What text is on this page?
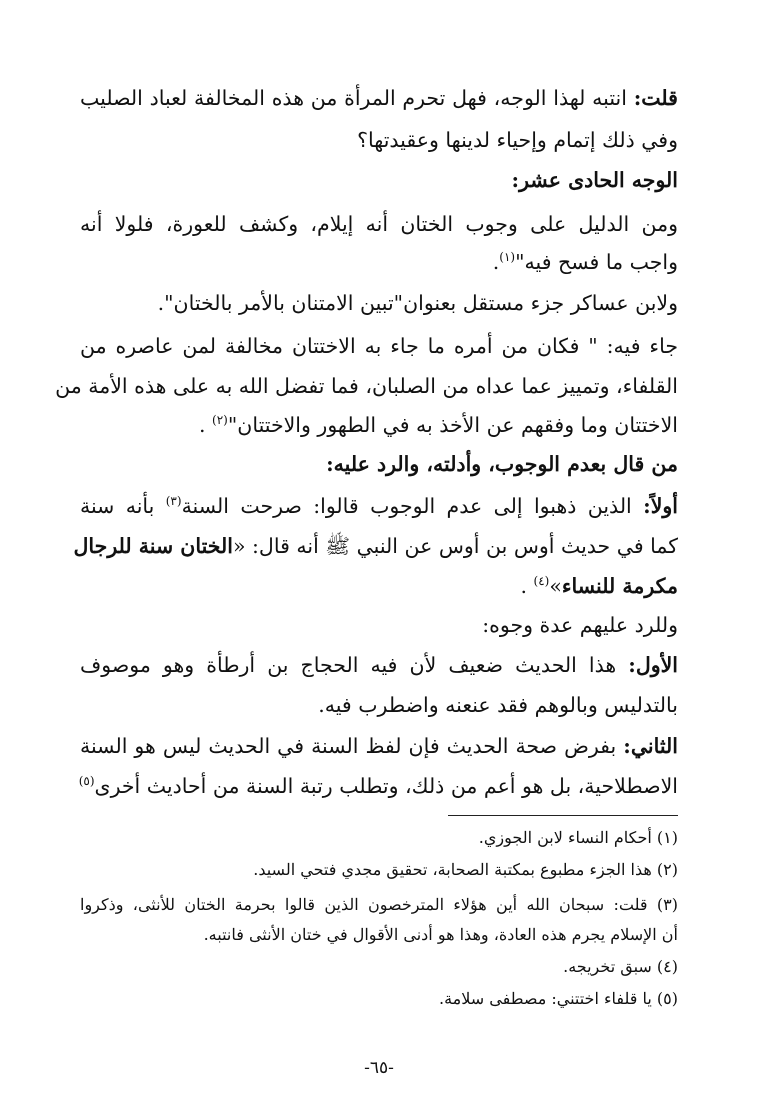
قلت: انتبه لهذا الوجه، فهل تحرم المرأة من هذه المخالفة لعباد الصليب
وفي ذلك إتمام وإحياء لدينها وعقيدتها؟
الوجه الحادى عشر:
ومن الدليل على وجوب الختان أنه إيلام، وكشف للعورة، فلولا أنه
واجب ما فسح فيه"$^{(١)}$.
ولابن عساكر جزء مستقل بعنوان"تبين الامتنان بالأمر بالختان".
جاء فيه: " فكان من أمره ما جاء به الاختتان مخالفة لمن عاصره من
القلفاء، وتمييز عما عداه من الصلبان، فما تفضل الله به على هذه الأمة من
الاختتان وما وفقهم عن الأخذ به في الطهور والاختتان"$^{(٢)}$ .
من قال بعدم الوجوب، وأدلته، والرد عليه:
أولاً: الذين ذهبوا إلى عدم الوجوب قالوا: صرحت السنة$^{(٣)}$ بأنه سنة
كما في حديث أوس بن أوس عن النبي ﷺ أنه قال: «الختان سنة للرجال
مكرمة للنساء»$^{(٤)}$ .
وللرد عليهم عدة وجوه:
الأول: هذا الحديث ضعيف لأن فيه الحجاج بن أرطأة وهو موصوف
بالتدليس وبالوهم فقد عنعنه واضطرب فيه.
الثاني: بفرض صحة الحديث فإن لفظ السنة في الحديث ليس هو السنة
الاصطلاحية، بل هو أعم من ذلك، وتطلب رتبة السنة من أحاديث أخرى$^{(٥)}$
(١) أحكام النساء لابن الجوزي.
(٢) هذا الجزء مطبوع بمكتبة الصحابة، تحقيق مجدي فتحي السيد.
(٣) قلت: سبحان الله أين هؤلاء المترخصون الذين قالوا بحرمة الختان للأنثى، وذكروا
أن الإسلام يجرم هذه العادة، وهذا هو أدنى الأقوال في ختان الأنثى فانتبه.
(٤) سبق تخريجه.
(٥) يا قلفاء اختتني: مصطفى سلامة.
-٦٥-
